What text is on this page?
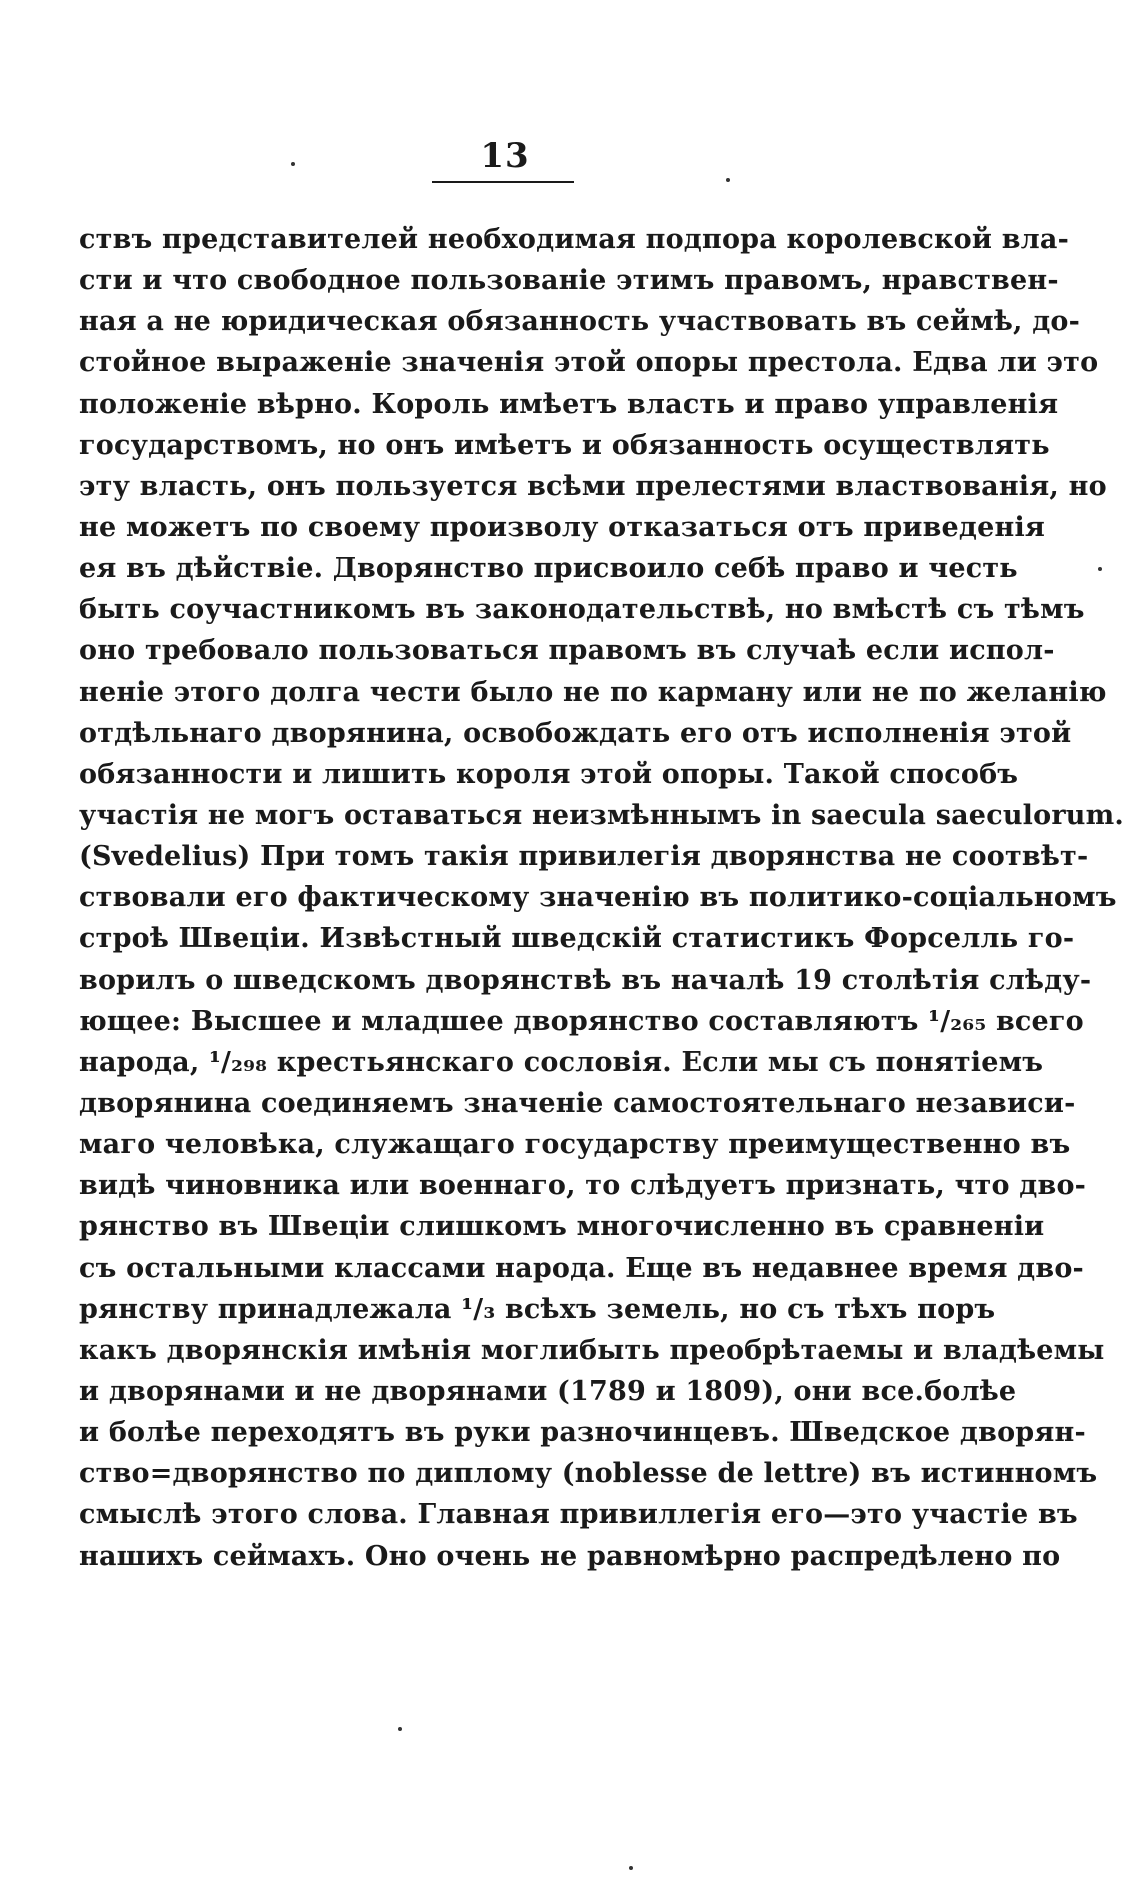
13
ствъ представителей необходимая подпора королевской вла-
сти и что свободное пользованіе этимъ правомъ, нравствен-
ная а не юридическая обязанность участвовать въ сеймѣ, до-
стойное выраженіе значенія этой опоры престола. Едва ли это
положеніе вѣрно. Король имѣетъ власть и право управленія
государствомъ, но онъ имѣетъ и обязанность осуществлять
эту власть, онъ пользуется всѣми прелестями властвованія, но
не можетъ по своему произволу отказаться отъ приведенія
ея въ дѣйствіе. Дворянство присвоило себѣ право и честь
быть соучастникомъ въ законодательствѣ, но вмѣстѣ съ тѣмъ
оно требовало пользоваться правомъ въ случаѣ если испол-
неніе этого долга чести было не по карману или не по желанію
отдѣльнаго дворянина, освобождать его отъ исполненія этой
обязанности и лишить короля этой опоры. Такой способъ
участія не могъ оставаться неизмѣннымъ in saecula saeculorum.
(Svedelius) При томъ такія привилегія дворянства не соотвѣт-
ствовали его фактическому значенію въ политико-соціальномъ
строѣ Швеціи. Извѣстный шведскій статистикъ Форселль го-
ворилъ о шведскомъ дворянствѣ въ началѣ 19 столѣтія слѣду-
ющее: Высшее и младшее дворянство составляютъ ¹/₂₆₅ всего
народа, ¹/₂₉₈ крестьянскаго сословія. Если мы съ понятіемъ
дворянина соединяемъ значеніе самостоятельнаго независи-
маго человѣка, служащаго государству преимущественно въ
видѣ чиновника или военнаго, то слѣдуетъ признать, что дво-
рянство въ Швеціи слишкомъ многочисленно въ сравненіи
съ остальными классами народа. Еще въ недавнее время дво-
рянству принадлежала ¹/₃ всѣхъ земель, но съ тѣхъ поръ
какъ дворянскія имѣнія моглибыть преобрѣтаемы и владѣемы
и дворянами и не дворянами (1789 и 1809), они все.болѣе
и болѣе переходятъ въ руки разночинцевъ. Шведское дворян-
ство=дворянство по диплому (noblesse de lettre) въ истинномъ
смыслѣ этого слова. Главная привиллегія его—это участіе въ
нашихъ сеймахъ. Оно очень не равномѣрно распредѣлено по
